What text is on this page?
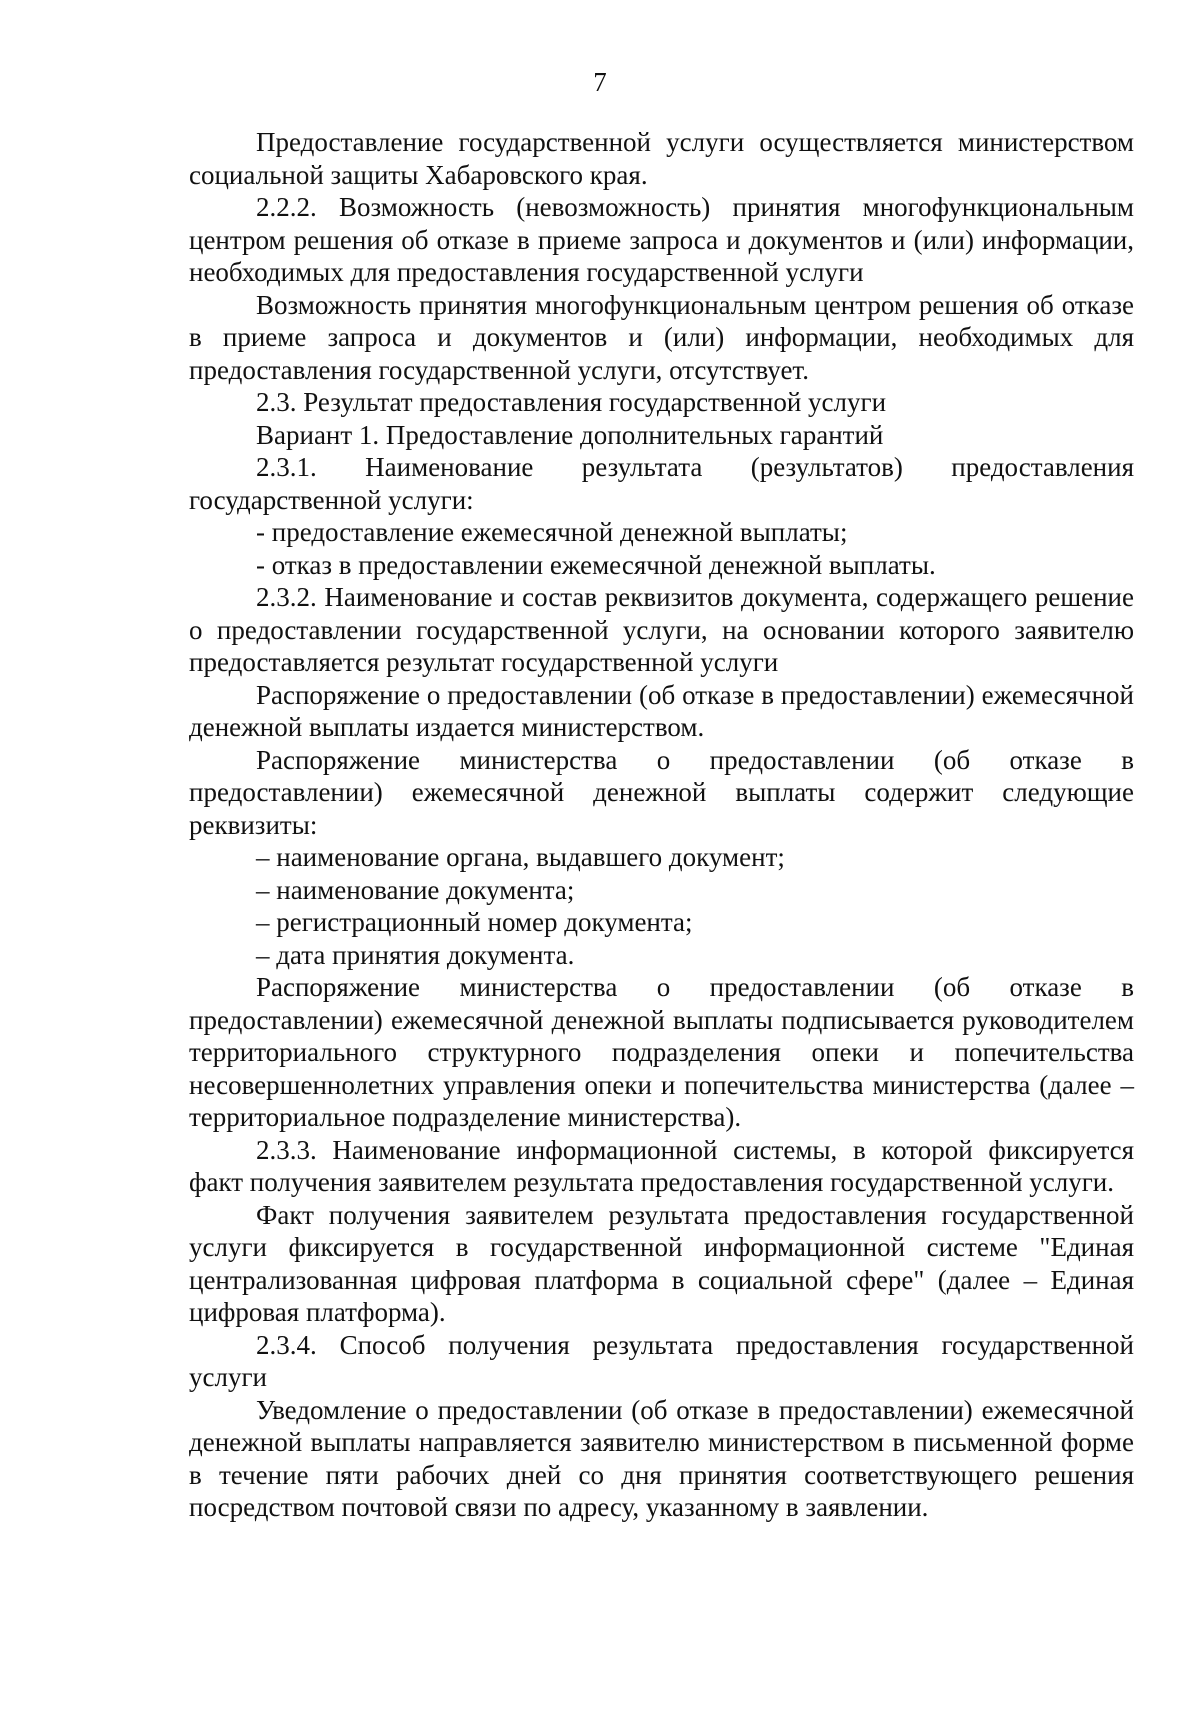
7

Предоставление государственной услуги осуществляется министерством социальной защиты Хабаровского края.

2.2.2. Возможность (невозможность) принятия многофункциональным центром решения об отказе в приеме запроса и документов и (или) информации, необходимых для предоставления государственной услуги

Возможность принятия многофункциональным центром решения об отказе в приеме запроса и документов и (или) информации, необходимых для предоставления государственной услуги, отсутствует.

2.3. Результат предоставления государственной услуги

Вариант 1. Предоставление дополнительных гарантий

2.3.1. Наименование результата (результатов) предоставления государственной услуги:

- предоставление ежемесячной денежной выплаты;

- отказ в предоставлении ежемесячной денежной выплаты.

2.3.2. Наименование и состав реквизитов документа, содержащего решение о предоставлении государственной услуги, на основании которого заявителю предоставляется результат государственной услуги

Распоряжение о предоставлении (об отказе в предоставлении) ежемесячной денежной выплаты издается министерством.

Распоряжение министерства о предоставлении (об отказе в предоставлении) ежемесячной денежной выплаты содержит следующие реквизиты:

– наименование органа, выдавшего документ;

– наименование документа;

– регистрационный номер документа;

– дата принятия документа.

Распоряжение министерства о предоставлении (об отказе в предоставлении) ежемесячной денежной выплаты подписывается руководителем территориального структурного подразделения опеки и попечительства несовершеннолетних управления опеки и попечительства министерства (далее – территориальное подразделение министерства).

2.3.3. Наименование информационной системы, в которой фиксируется факт получения заявителем результата предоставления государственной услуги.

Факт получения заявителем результата предоставления государственной услуги фиксируется в государственной информационной системе "Единая централизованная цифровая платформа в социальной сфере" (далее – Единая цифровая платформа).

2.3.4. Способ получения результата предоставления государственной услуги

Уведомление о предоставлении (об отказе в предоставлении) ежемесячной денежной выплаты направляется заявителю министерством в письменной форме в течение пяти рабочих дней со дня принятия соответствующего решения посредством почтовой связи по адресу, указанному в заявлении.
